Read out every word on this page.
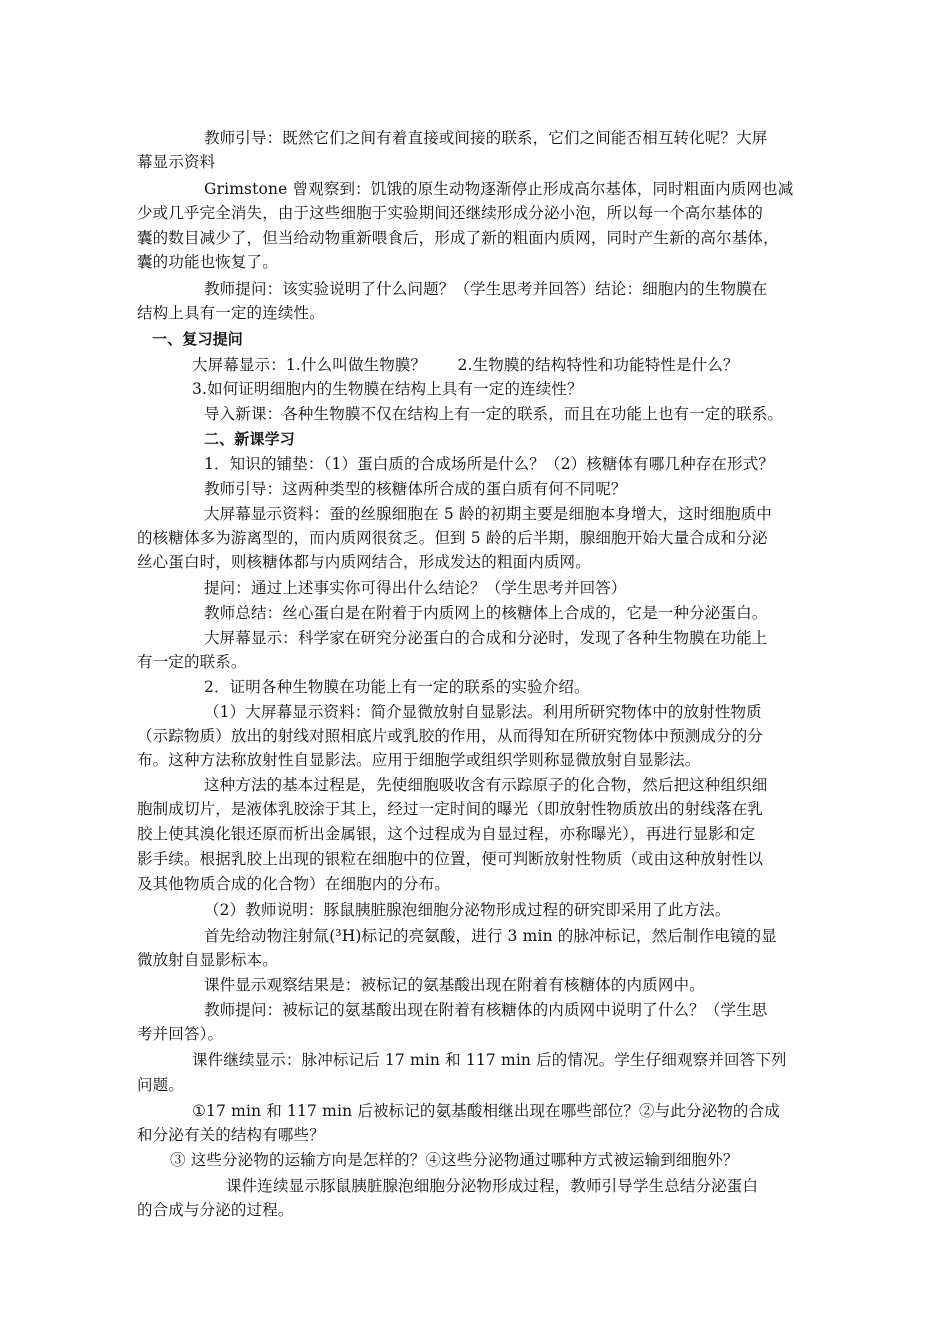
教师引导：既然它们之间有着直接或间接的联系，它们之间能否相互转化呢？大屏
幕显示资料
Grimstone 曾观察到：饥饿的原生动物逐渐停止形成高尔基体，同时粗面内质网也减
少或几乎完全消失，由于这些细胞于实验期间还继续形成分泌小泡，所以每一个高尔基体的
囊的数目减少了，但当给动物重新喂食后，形成了新的粗面内质网，同时产生新的高尔基体，
囊的功能也恢复了。
教师提问：该实验说明了什么问题？（学生思考并回答）结论：细胞内的生物膜在
结构上具有一定的连续性。
一、复习提问
大屏幕显示：1.什么叫做生物膜？　　2.生物膜的结构特性和功能特性是什么？
3.如何证明细胞内的生物膜在结构上具有一定的连续性？
导入新课：各种生物膜不仅在结构上有一定的联系，而且在功能上也有一定的联系。
二、新课学习
1．知识的铺垫：（1）蛋白质的合成场所是什么？（2）核糖体有哪几种存在形式？
教师引导：这两种类型的核糖体所合成的蛋白质有何不同呢？
大屏幕显示资料：蚕的丝腺细胞在 5 龄的初期主要是细胞本身增大，这时细胞质中
的核糖体多为游离型的，而内质网很贫乏。但到 5 龄的后半期，腺细胞开始大量合成和分泌
丝心蛋白时，则核糖体都与内质网结合，形成发达的粗面内质网。
提问：通过上述事实你可得出什么结论？（学生思考并回答）
教师总结：丝心蛋白是在附着于内质网上的核糖体上合成的，它是一种分泌蛋白。
大屏幕显示：科学家在研究分泌蛋白的合成和分泌时，发现了各种生物膜在功能上
有一定的联系。
2．证明各种生物膜在功能上有一定的联系的实验介绍。
（1）大屏幕显示资料：简介显微放射自显影法。利用所研究物体中的放射性物质
（示踪物质）放出的射线对照相底片或乳胶的作用，从而得知在所研究物体中预测成分的分
布。这种方法称放射性自显影法。应用于细胞学或组织学则称显微放射自显影法。
这种方法的基本过程是，先使细胞吸收含有示踪原子的化合物，然后把这种组织细
胞制成切片，是液体乳胶涂于其上，经过一定时间的曝光（即放射性物质放出的射线落在乳
胶上使其溴化银还原而析出金属银，这个过程成为自显过程，亦称曝光），再进行显影和定
影手续。根据乳胶上出现的银粒在细胞中的位置，便可判断放射性物质（或由这种放射性以
及其他物质合成的化合物）在细胞内的分布。
（2）教师说明：豚鼠胰脏腺泡细胞分泌物形成过程的研究即采用了此方法。
首先给动物注射氚(³H)标记的亮氨酸，进行 3 min 的脉冲标记，然后制作电镜的显
微放射自显影标本。
课件显示观察结果是：被标记的氨基酸出现在附着有核糖体的内质网中。
教师提问：被标记的氨基酸出现在附着有核糖体的内质网中说明了什么？（学生思
考并回答）。
课件继续显示：脉冲标记后 17 min 和 117 min 后的情况。学生仔细观察并回答下列
问题。
①17 min 和 117 min 后被标记的氨基酸相继出现在哪些部位？②与此分泌物的合成
和分泌有关的结构有哪些？
③ 这些分泌物的运输方向是怎样的？④这些分泌物通过哪种方式被运输到细胞外？
课件连续显示豚鼠胰脏腺泡细胞分泌物形成过程，教师引导学生总结分泌蛋白
的合成与分泌的过程。
